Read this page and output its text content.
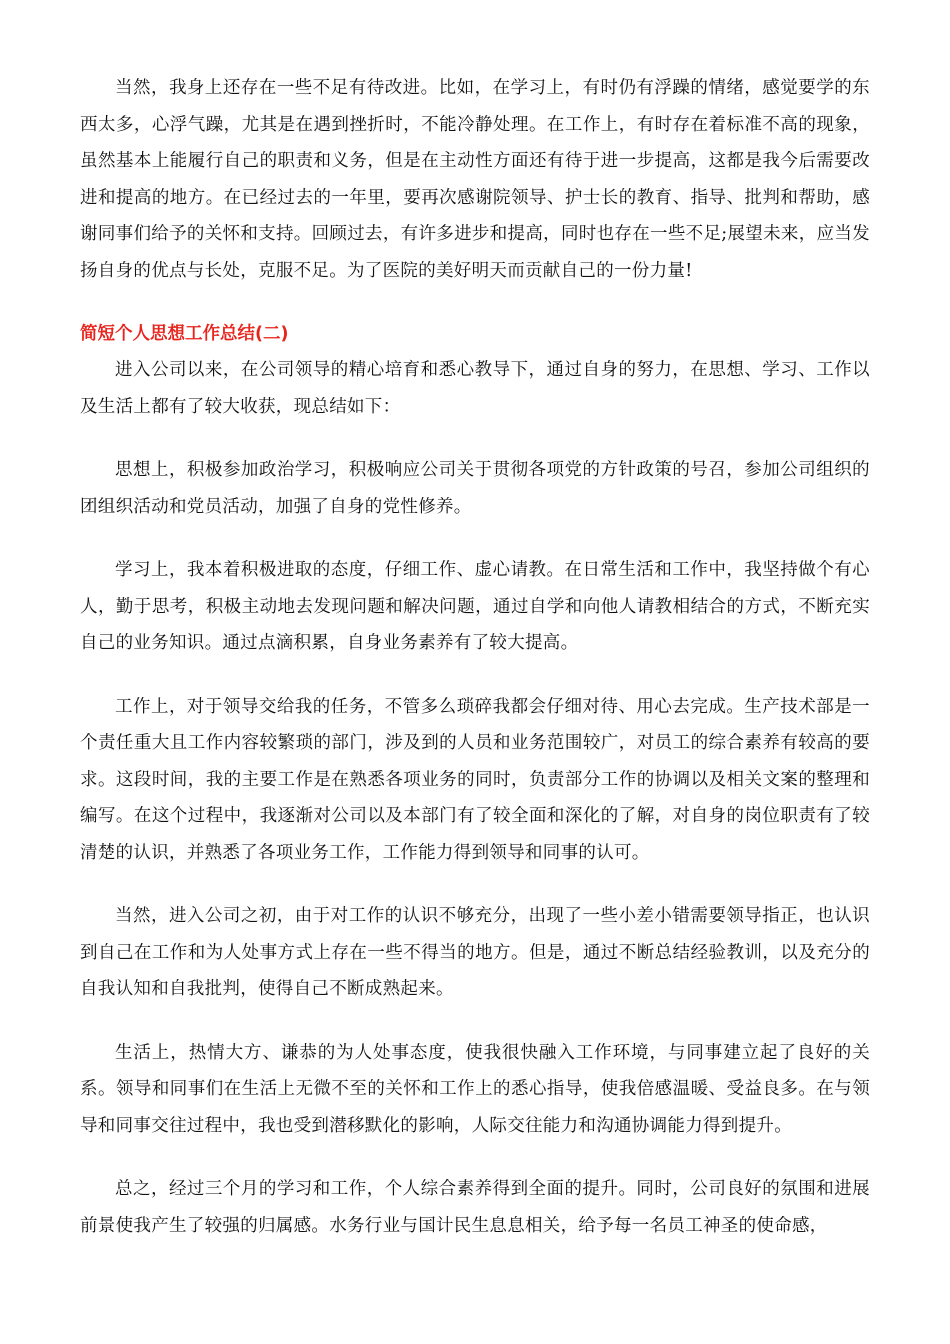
当然，我身上还存在一些不足有待改进。比如，在学习上，有时仍有浮躁的情绪，感觉要学的东西太多，心浮气躁，尤其是在遇到挫折时，不能冷静处理。在工作上，有时存在着标准不高的现象，虽然基本上能履行自己的职责和义务，但是在主动性方面还有待于进一步提高，这都是我今后需要改进和提高的地方。在已经过去的一年里，要再次感谢院领导、护士长的教育、指导、批判和帮助，感谢同事们给予的关怀和支持。回顾过去，有许多进步和提高，同时也存在一些不足;展望未来，应当发扬自身的优点与长处，克服不足。为了医院的美好明天而贡献自己的一份力量!

简短个人思想工作总结(二)

进入公司以来，在公司领导的精心培育和悉心教导下，通过自身的努力，在思想、学习、工作以及生活上都有了较大收获，现总结如下：

思想上，积极参加政治学习，积极响应公司关于贯彻各项党的方针政策的号召，参加公司组织的团组织活动和党员活动，加强了自身的党性修养。

学习上，我本着积极进取的态度，仔细工作、虚心请教。在日常生活和工作中，我坚持做个有心人，勤于思考，积极主动地去发现问题和解决问题，通过自学和向他人请教相结合的方式，不断充实自己的业务知识。通过点滴积累，自身业务素养有了较大提高。

工作上，对于领导交给我的任务，不管多么琐碎我都会仔细对待、用心去完成。生产技术部是一个责任重大且工作内容较繁琐的部门，涉及到的人员和业务范围较广，对员工的综合素养有较高的要求。这段时间，我的主要工作是在熟悉各项业务的同时，负责部分工作的协调以及相关文案的整理和编写。在这个过程中，我逐渐对公司以及本部门有了较全面和深化的了解，对自身的岗位职责有了较清楚的认识，并熟悉了各项业务工作，工作能力得到领导和同事的认可。

当然，进入公司之初，由于对工作的认识不够充分，出现了一些小差小错需要领导指正，也认识到自己在工作和为人处事方式上存在一些不得当的地方。但是，通过不断总结经验教训，以及充分的自我认知和自我批判，使得自己不断成熟起来。

生活上，热情大方、谦恭的为人处事态度，使我很快融入工作环境，与同事建立起了良好的关系。领导和同事们在生活上无微不至的关怀和工作上的悉心指导，使我倍感温暖、受益良多。在与领导和同事交往过程中，我也受到潜移默化的影响，人际交往能力和沟通协调能力得到提升。

总之，经过三个月的学习和工作，个人综合素养得到全面的提升。同时，公司良好的氛围和进展前景使我产生了较强的归属感。水务行业与国计民生息息相关，给予每一名员工神圣的使命感，
